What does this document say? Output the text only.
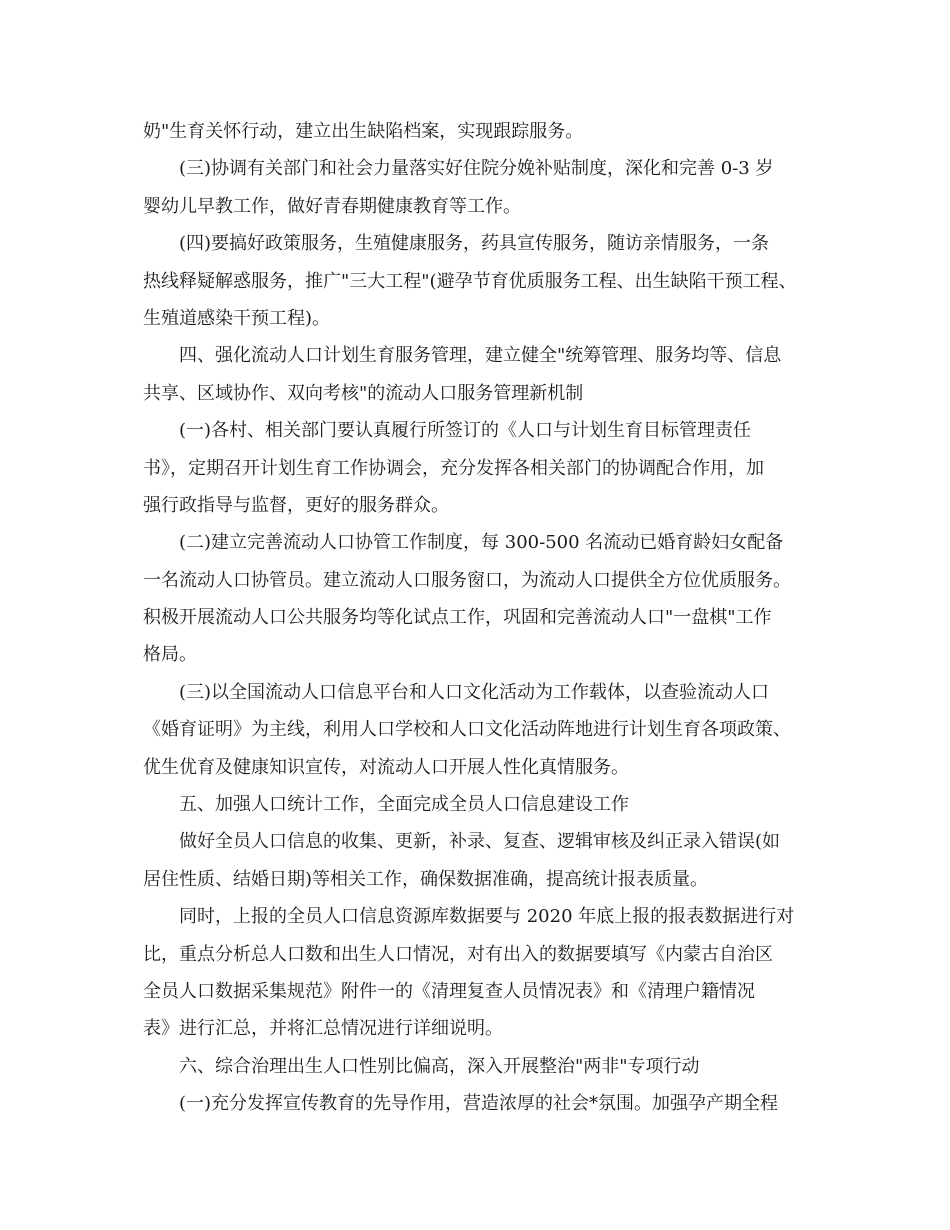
奶"生育关怀行动，建立出生缺陷档案，实现跟踪服务。

(三)协调有关部门和社会力量落实好住院分娩补贴制度，深化和完善 0-3 岁

婴幼儿早教工作，做好青春期健康教育等工作。

(四)要搞好政策服务，生殖健康服务，药具宣传服务，随访亲情服务，一条

热线释疑解惑服务，推广"三大工程"(避孕节育优质服务工程、出生缺陷干预工程、

生殖道感染干预工程)。

四、强化流动人口计划生育服务管理，建立健全"统筹管理、服务均等、信息

共享、区域协作、双向考核"的流动人口服务管理新机制

(一)各村、相关部门要认真履行所签订的《人口与计划生育目标管理责任

书》，定期召开计划生育工作协调会，充分发挥各相关部门的协调配合作用，加

强行政指导与监督，更好的服务群众。

(二)建立完善流动人口协管工作制度，每 300-500 名流动已婚育龄妇女配备

一名流动人口协管员。建立流动人口服务窗口，为流动人口提供全方位优质服务。

积极开展流动人口公共服务均等化试点工作，巩固和完善流动人口"一盘棋"工作

格局。

(三)以全国流动人口信息平台和人口文化活动为工作载体，以查验流动人口

《婚育证明》为主线，利用人口学校和人口文化活动阵地进行计划生育各项政策、

优生优育及健康知识宣传，对流动人口开展人性化真情服务。

五、加强人口统计工作，全面完成全员人口信息建设工作

做好全员人口信息的收集、更新，补录、复查、逻辑审核及纠正录入错误(如

居住性质、结婚日期)等相关工作，确保数据准确，提高统计报表质量。

同时，上报的全员人口信息资源库数据要与 2020 年底上报的报表数据进行对

比，重点分析总人口数和出生人口情况，对有出入的数据要填写《内蒙古自治区

全员人口数据采集规范》附件一的《清理复查人员情况表》和《清理户籍情况

表》进行汇总，并将汇总情况进行详细说明。

六、综合治理出生人口性别比偏高，深入开展整治"两非"专项行动

(一)充分发挥宣传教育的先导作用，营造浓厚的社会*氛围。加强孕产期全程
